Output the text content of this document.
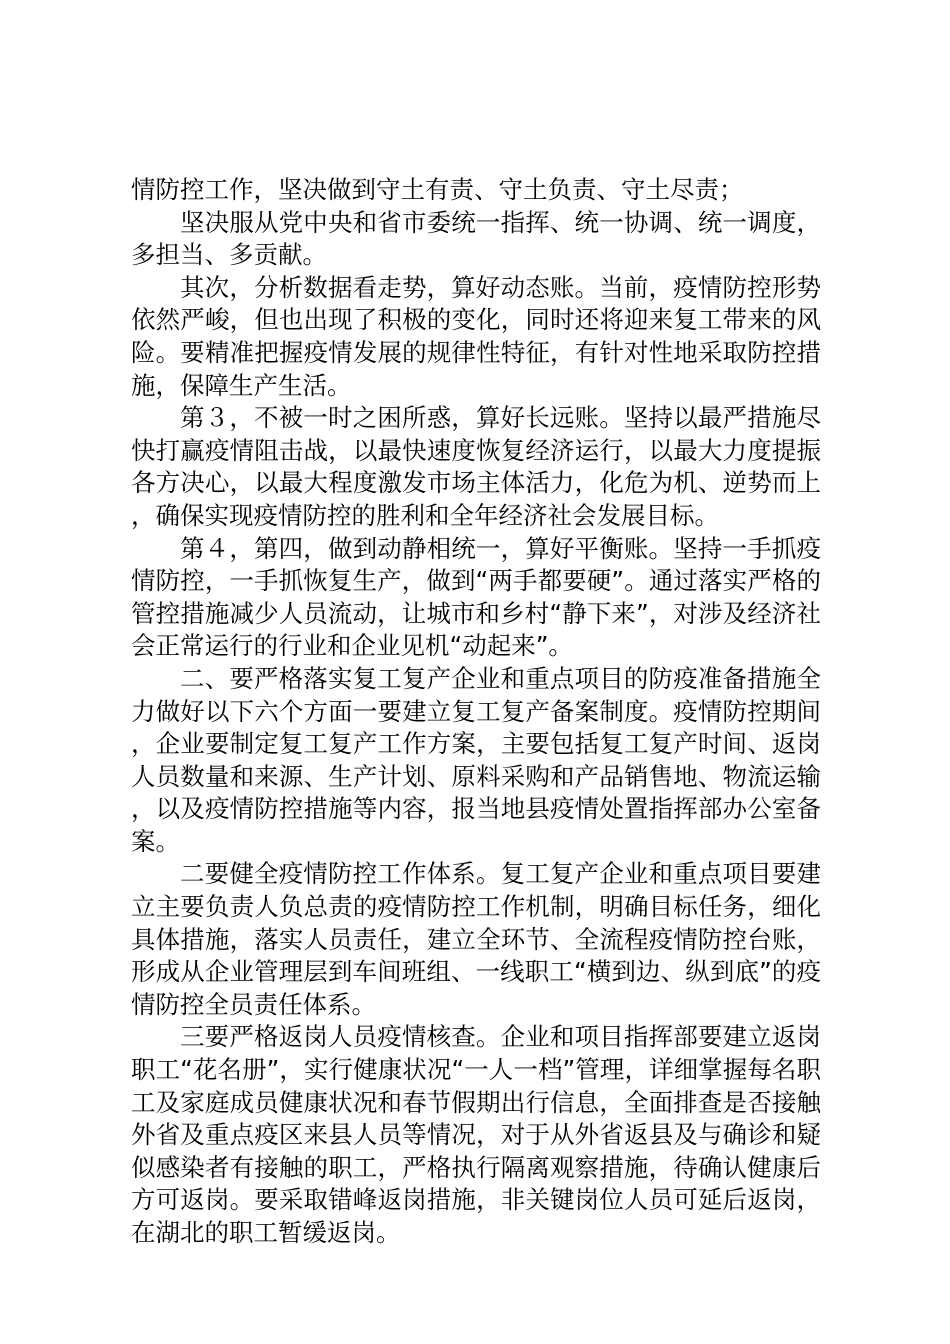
情防控工作，坚决做到守土有责、守土负责、守土尽责；

坚决服从党中央和省市委统一指挥、统一协调、统一调度，多担当、多贡献。

其次，分析数据看走势，算好动态账。当前，疫情防控形势依然严峻，但也出现了积极的变化，同时还将迎来复工带来的风险。要精准把握疫情发展的规律性特征，有针对性地采取防控措施，保障生产生活。

第３，不被一时之困所惑，算好长远账。坚持以最严措施尽快打赢疫情阻击战，以最快速度恢复经济运行，以最大力度提振各方决心，以最大程度激发市场主体活力，化危为机、逆势而上，确保实现疫情防控的胜利和全年经济社会发展目标。

第４，第四，做到动静相统一，算好平衡账。坚持一手抓疫情防控，一手抓恢复生产，做到“两手都要硬”。通过落实严格的管控措施减少人员流动，让城市和乡村“静下来”，对涉及经济社会正常运行的行业和企业见机“动起来”。

二、要严格落实复工复产企业和重点项目的防疫准备措施全力做好以下六个方面一要建立复工复产备案制度。疫情防控期间，企业要制定复工复产工作方案，主要包括复工复产时间、返岗人员数量和来源、生产计划、原料采购和产品销售地、物流运输，以及疫情防控措施等内容，报当地县疫情处置指挥部办公室备案。

二要健全疫情防控工作体系。复工复产企业和重点项目要建立主要负责人负总责的疫情防控工作机制，明确目标任务，细化具体措施，落实人员责任，建立全环节、全流程疫情防控台账，形成从企业管理层到车间班组、一线职工“横到边、纵到底”的疫情防控全员责任体系。

三要严格返岗人员疫情核查。企业和项目指挥部要建立返岗职工“花名册”，实行健康状况“一人一档”管理，详细掌握每名职工及家庭成员健康状况和春节假期出行信息，全面排查是否接触外省及重点疫区来县人员等情况，对于从外省返县及与确诊和疑似感染者有接触的职工，严格执行隔离观察措施，待确认健康后方可返岗。要采取错峰返岗措施，非关键岗位人员可延后返岗，在湖北的职工暂缓返岗。
